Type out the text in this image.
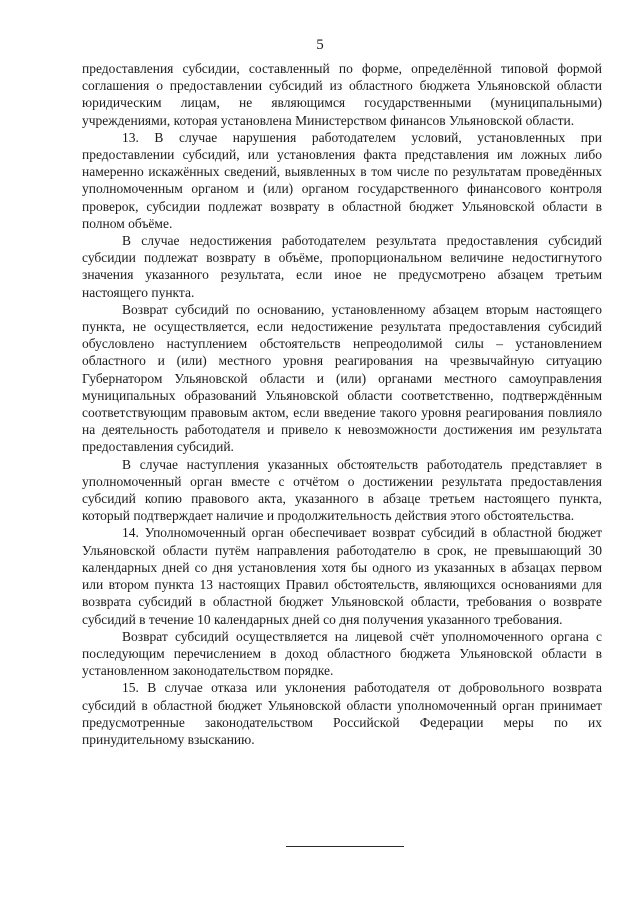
5

предоставления субсидии, составленный по форме, определённой типовой формой соглашения о предоставлении субсидий из областного бюджета Ульяновской области юридическим лицам, не являющимся государственными (муниципальными) учреждениями, которая установлена Министерством финансов Ульяновской области.

13. В случае нарушения работодателем условий, установленных при предоставлении субсидий, или установления факта представления им ложных либо намеренно искажённых сведений, выявленных в том числе по результатам проведённых уполномоченным органом и (или) органом государственного финансового контроля проверок, субсидии подлежат возврату в областной бюджет Ульяновской области в полном объёме.

В случае недостижения работодателем результата предоставления субсидий субсидии подлежат возврату в объёме, пропорциональном величине недостигнутого значения указанного результата, если иное не предусмотрено абзацем третьим настоящего пункта.

Возврат субсидий по основанию, установленному абзацем вторым настоящего пункта, не осуществляется, если недостижение результата предоставления субсидий обусловлено наступлением обстоятельств непреодолимой силы – установлением областного и (или) местного уровня реагирования на чрезвычайную ситуацию Губернатором Ульяновской области и (или) органами местного самоуправления муниципальных образований Ульяновской области соответственно, подтверждённым соответствующим правовым актом, если введение такого уровня реагирования повлияло на деятельность работодателя и привело к невозможности достижения им результата предоставления субсидий.

В случае наступления указанных обстоятельств работодатель представляет в уполномоченный орган вместе с отчётом о достижении результата предоставления субсидий копию правового акта, указанного в абзаце третьем настоящего пункта, который подтверждает наличие и продолжительность действия этого обстоятельства.

14. Уполномоченный орган обеспечивает возврат субсидий в областной бюджет Ульяновской области путём направления работодателю в срок, не превышающий 30 календарных дней со дня установления хотя бы одного из указанных в абзацах первом или втором пункта 13 настоящих Правил обстоятельств, являющихся основаниями для возврата субсидий в областной бюджет Ульяновской области, требования о возврате субсидий в течение 10 календарных дней со дня получения указанного требования.

Возврат субсидий осуществляется на лицевой счёт уполномоченного органа с последующим перечислением в доход областного бюджета Ульяновской области в установленном законодательством порядке.

15. В случае отказа или уклонения работодателя от добровольного возврата субсидий в областной бюджет Ульяновской области уполномоченный орган принимает предусмотренные законодательством Российской Федерации меры по их принудительному взысканию.
